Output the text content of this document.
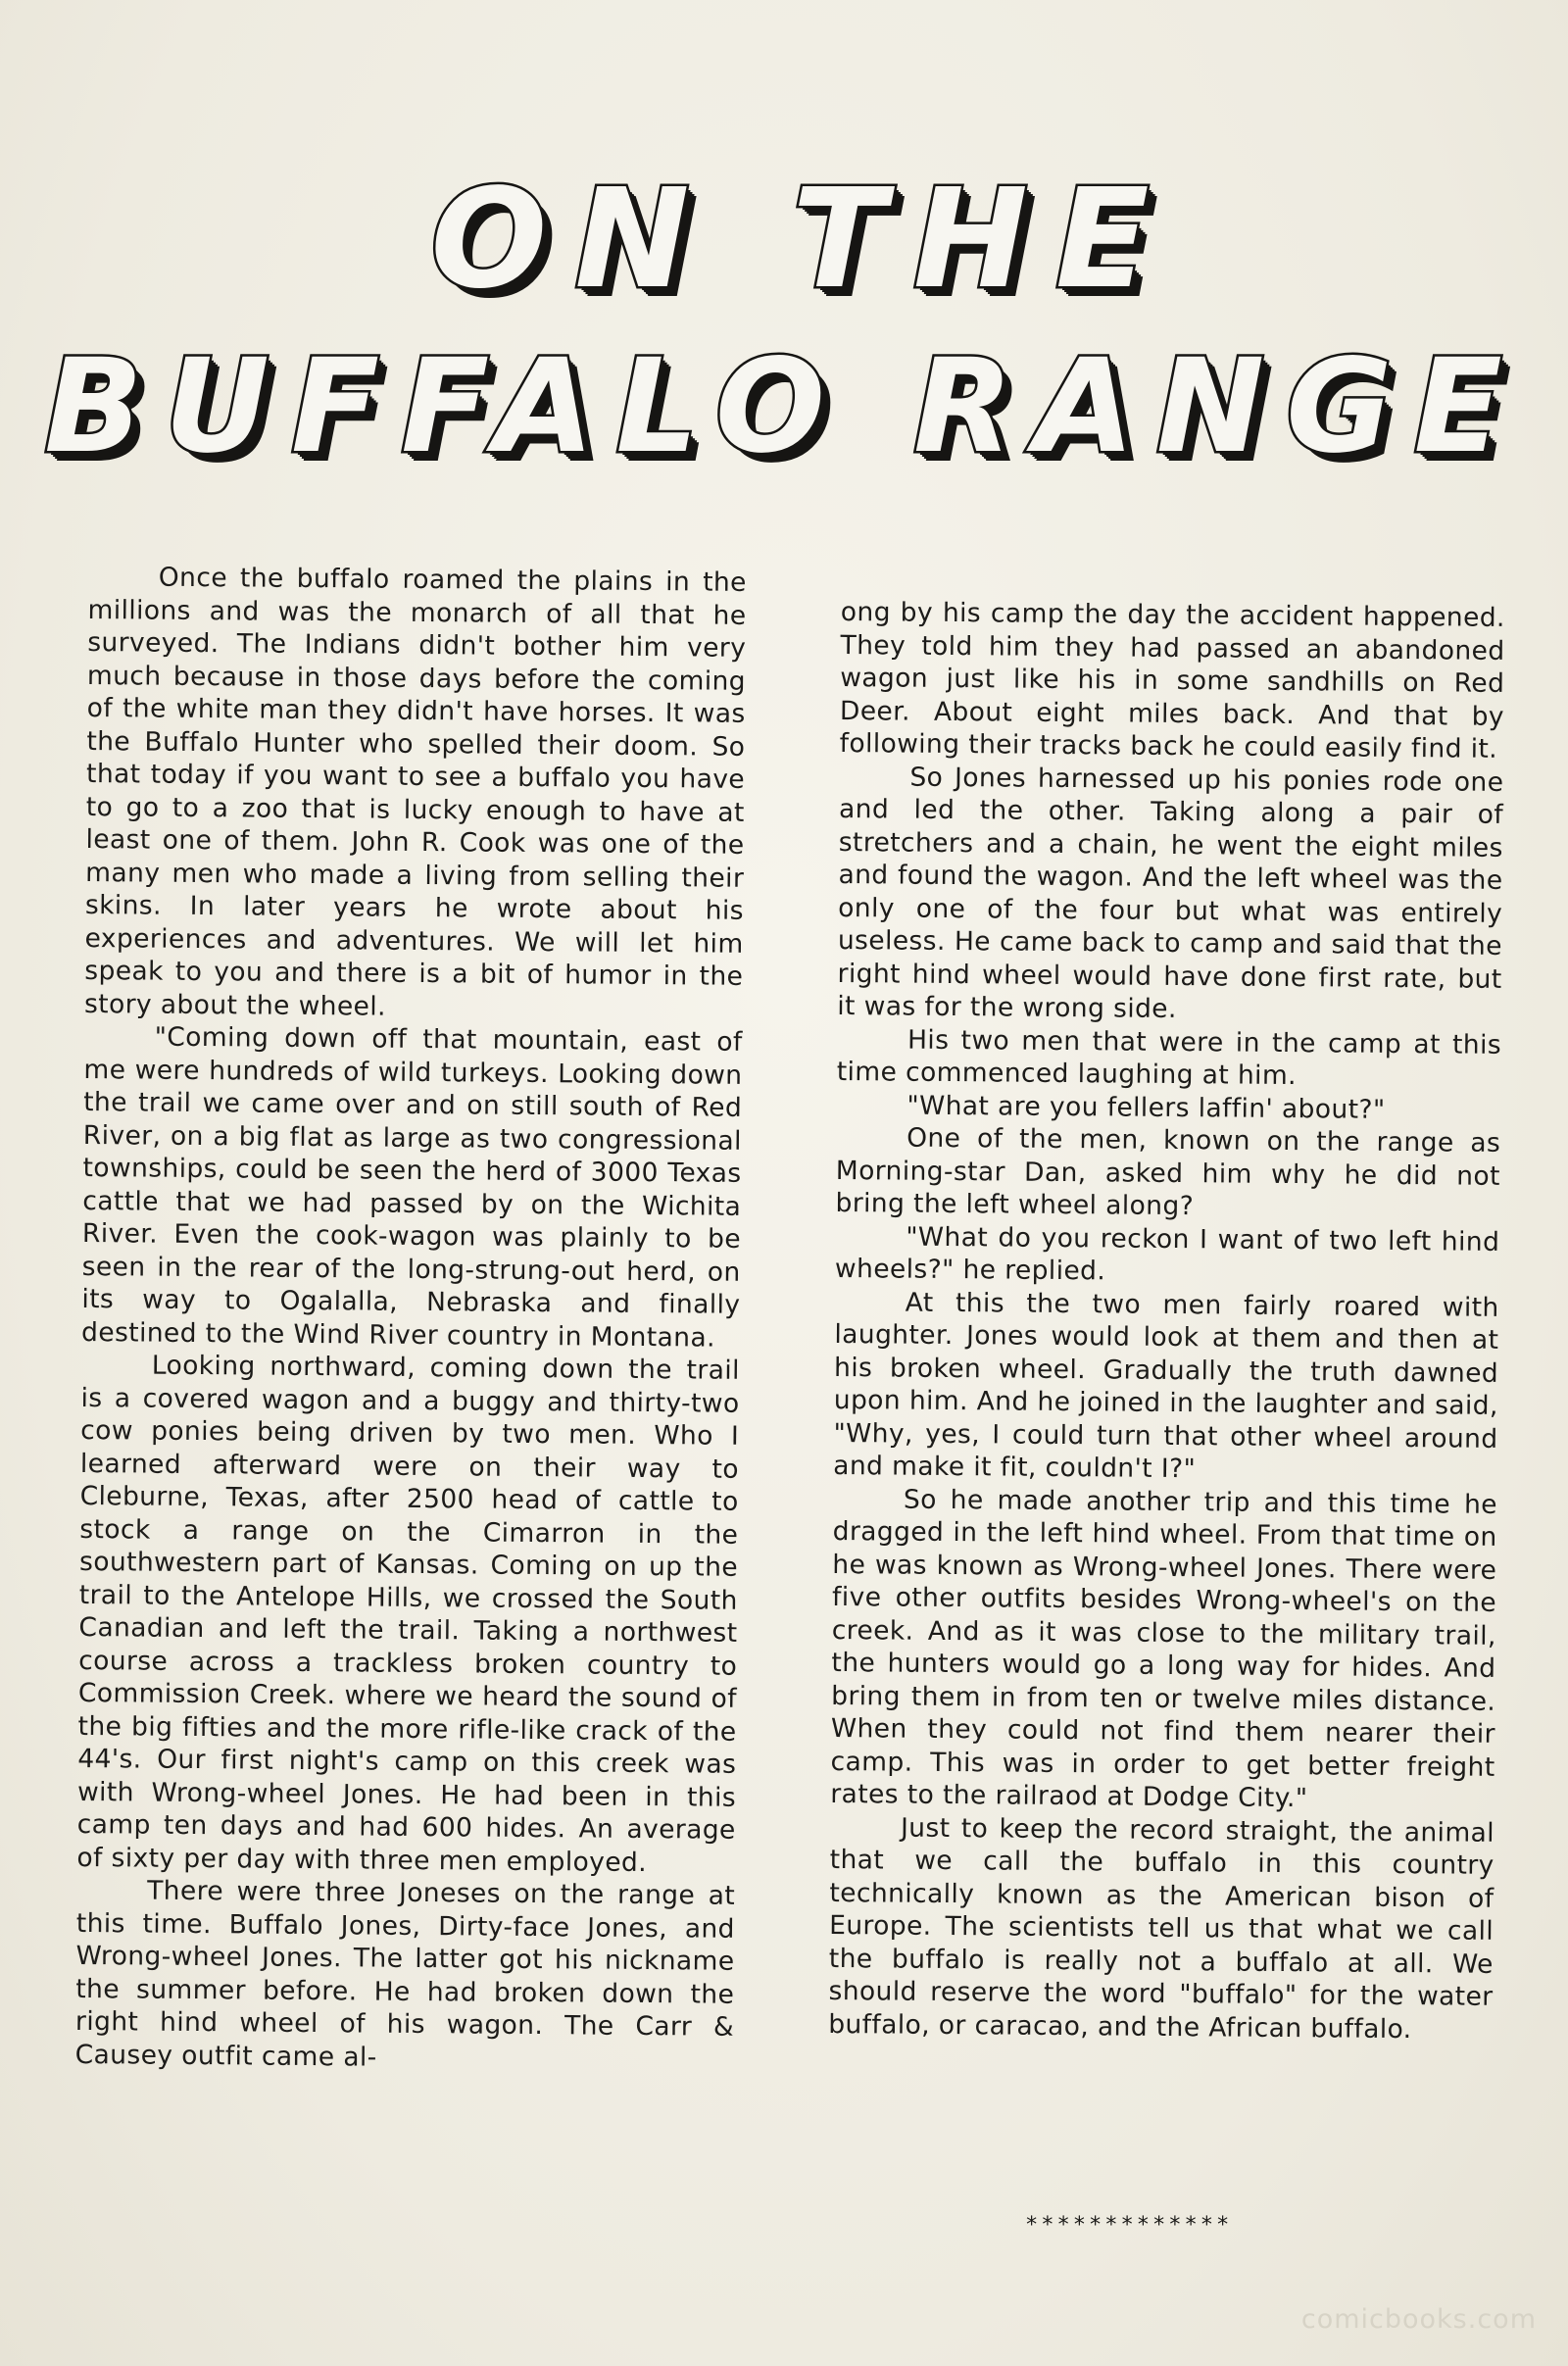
ON THE
BUFFALO RANGE

Once the buffalo roamed the plains in the millions and was the monarch of all that he surveyed. The Indians didn't bother him very much because in those days before the coming of the white man they didn't have horses. It was the Buffalo Hunter who spelled their doom. So that today if you want to see a buffalo you have to go to a zoo that is lucky enough to have at least one of them. John R. Cook was one of the many men who made a living from selling their skins. In later years he wrote about his experiences and adventures. We will let him speak to you and there is a bit of humor in the story about the wheel.

"Coming down off that mountain, east of me were hundreds of wild turkeys. Looking down the trail we came over and on still south of Red River, on a big flat as large as two congressional townships, could be seen the herd of 3000 Texas cattle that we had passed by on the Wichita River. Even the cook-wagon was plainly to be seen in the rear of the long-strung-out herd, on its way to Ogalalla, Nebraska and finally destined to the Wind River country in Montana.

Looking northward, coming down the trail is a covered wagon and a buggy and thirty-two cow ponies being driven by two men. Who I learned afterward were on their way to Cleburne, Texas, after 2500 head of cattle to stock a range on the Cimarron in the southwestern part of Kansas. Coming on up the trail to the Antelope Hills, we crossed the South Canadian and left the trail. Taking a northwest course across a trackless broken country to Commission Creek. where we heard the sound of the big fifties and the more rifle-like crack of the 44's. Our first night's camp on this creek was with Wrong-wheel Jones. He had been in this camp ten days and had 600 hides. An average of sixty per day with three men employed.

There were three Joneses on the range at this time. Buffalo Jones, Dirty-face Jones, and Wrong-wheel Jones. The latter got his nickname the summer before. He had broken down the right hind wheel of his wagon. The Carr & Causey outfit came al-

ong by his camp the day the accident happened. They told him they had passed an abandoned wagon just like his in some sandhills on Red Deer. About eight miles back. And that by following their tracks back he could easily find it.

So Jones harnessed up his ponies rode one and led the other. Taking along a pair of stretchers and a chain, he went the eight miles and found the wagon. And the left wheel was the only one of the four but what was entirely useless. He came back to camp and said that the right hind wheel would have done first rate, but it was for the wrong side.

His two men that were in the camp at this time commenced laughing at him.

"What are you fellers laffin' about?"

One of the men, known on the range as Morning-star Dan, asked him why he did not bring the left wheel along?

"What do you reckon I want of two left hind wheels?" he replied.

At this the two men fairly roared with laughter. Jones would look at them and then at his broken wheel. Gradually the truth dawned upon him. And he joined in the laughter and said, "Why, yes, I could turn that other wheel around and make it fit, couldn't I?"

So he made another trip and this time he dragged in the left hind wheel. From that time on he was known as Wrong-wheel Jones. There were five other outfits besides Wrong-wheel's on the creek. And as it was close to the military trail, the hunters would go a long way for hides. And bring them in from ten or twelve miles distance. When they could not find them nearer their camp. This was in order to get better freight rates to the railraod at Dodge City."

Just to keep the record straight, the animal that we call the buffalo in this country technically known as the American bison of Europe. The scientists tell us that what we call the buffalo is really not a buffalo at all. We should reserve the word "buffalo" for the water buffalo, or caracao, and the African buffalo.

*************
comicbooks.com
